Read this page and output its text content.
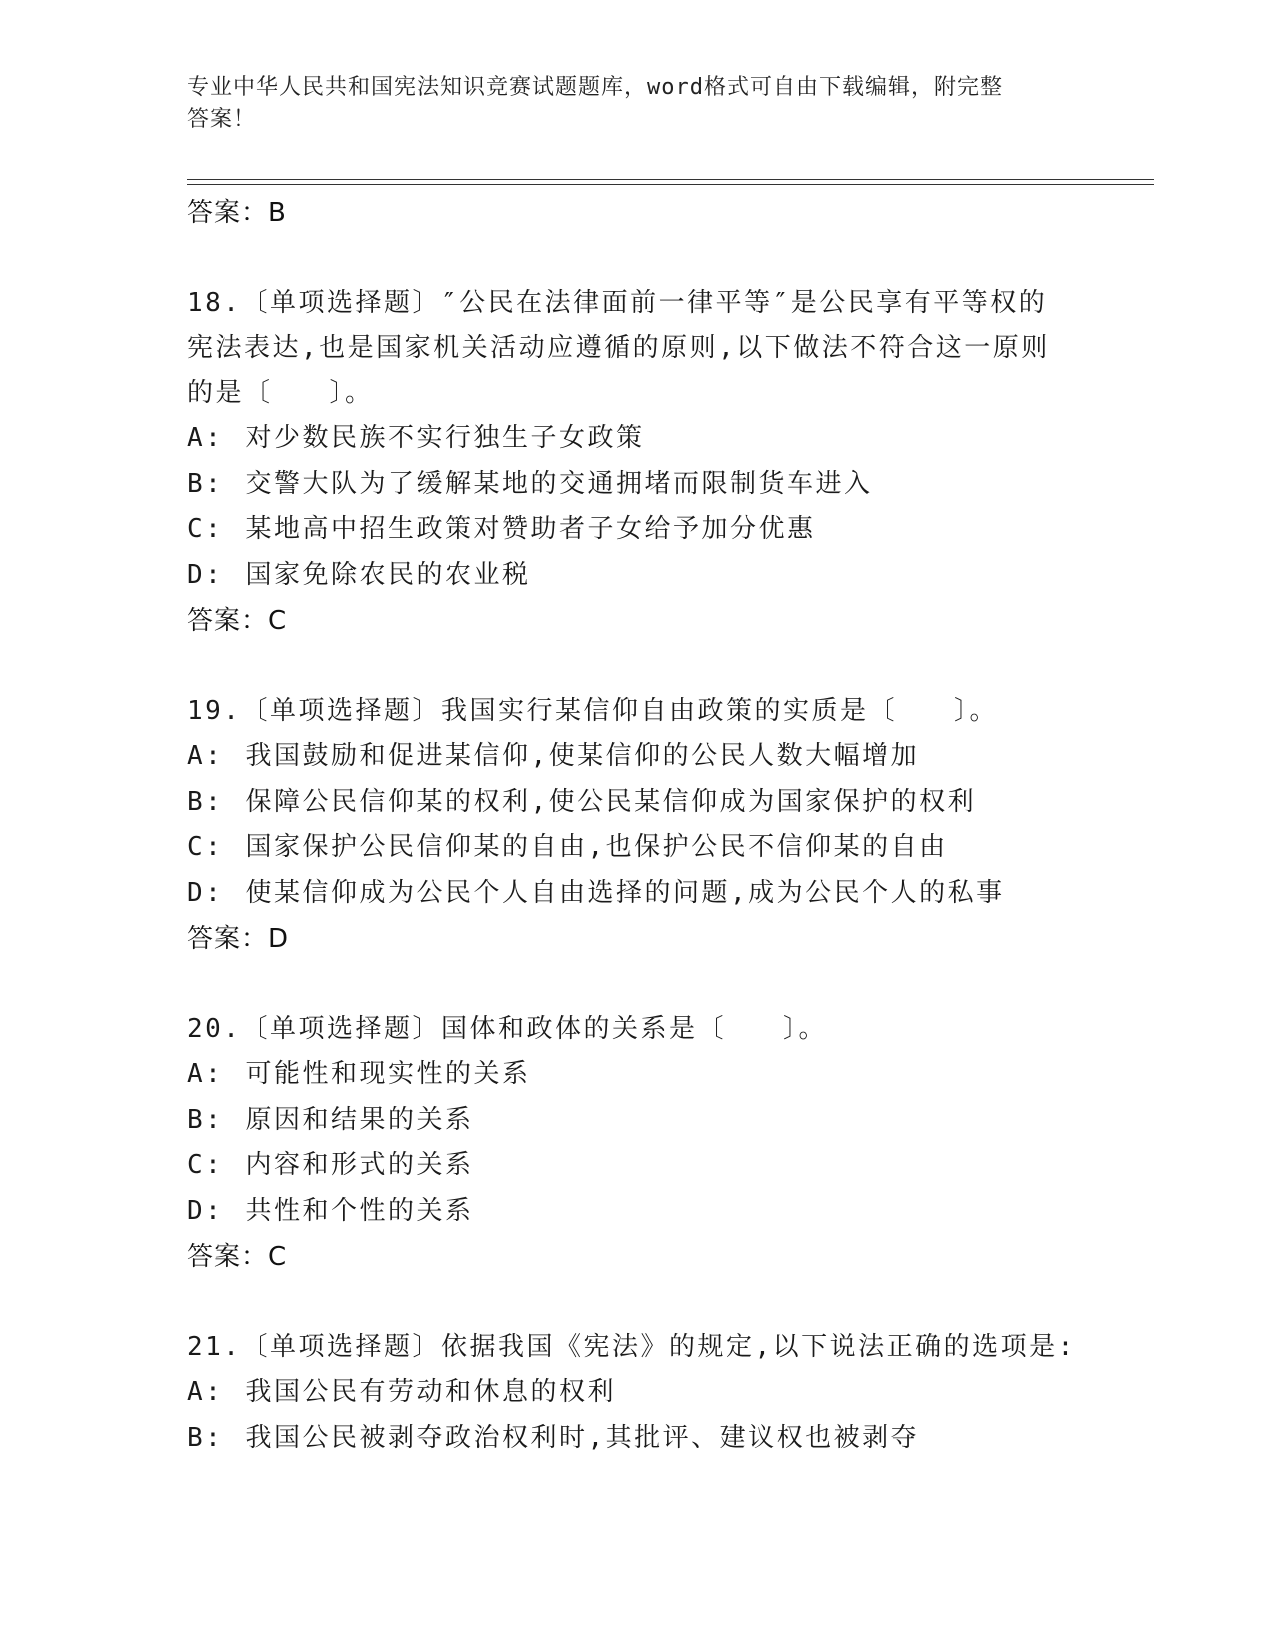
专业中华人民共和国宪法知识竞赛试题题库，word格式可自由下载编辑，附完整
答案！
答案：B
18.〔单项选择题〕″公民在法律面前一律平等″是公民享有平等权的
宪法表达,也是国家机关活动应遵循的原则,以下做法不符合这一原则
的是〔　　〕。
A: 对少数民族不实行独生子女政策
B: 交警大队为了缓解某地的交通拥堵而限制货车进入
C: 某地高中招生政策对赞助者子女给予加分优惠
D: 国家免除农民的农业税
答案：C
19.〔单项选择题〕我国实行某信仰自由政策的实质是〔　　〕。
A: 我国鼓励和促进某信仰,使某信仰的公民人数大幅增加
B: 保障公民信仰某的权利,使公民某信仰成为国家保护的权利
C: 国家保护公民信仰某的自由,也保护公民不信仰某的自由
D: 使某信仰成为公民个人自由选择的问题,成为公民个人的私事
答案：D
20.〔单项选择题〕国体和政体的关系是〔　　〕。
A: 可能性和现实性的关系
B: 原因和结果的关系
C: 内容和形式的关系
D: 共性和个性的关系
答案：C
21.〔单项选择题〕依据我国《宪法》的规定,以下说法正确的选项是:
A: 我国公民有劳动和休息的权利
B: 我国公民被剥夺政治权利时,其批评、建议权也被剥夺
